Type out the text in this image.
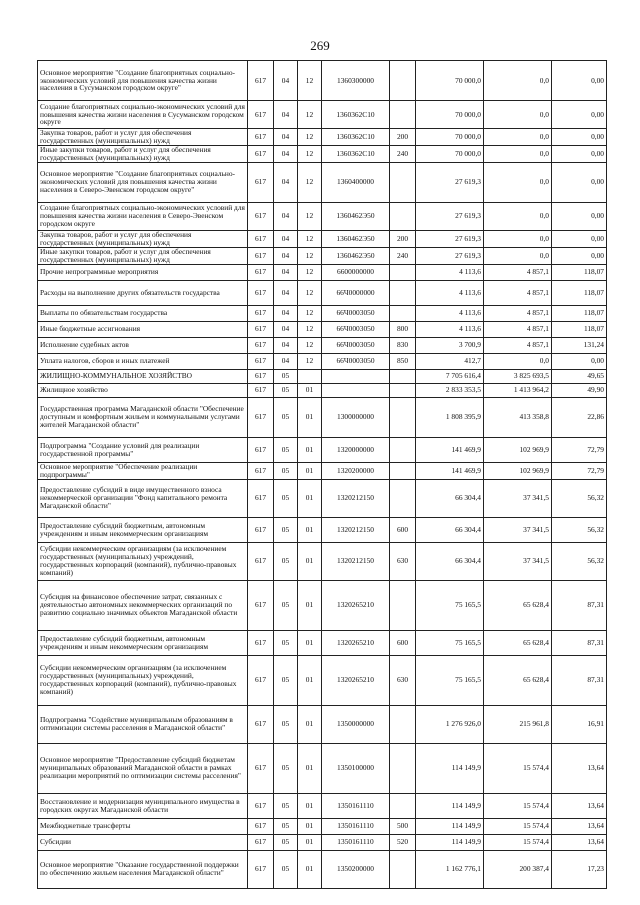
269
Основное мероприятие "Создание благоприятных социально-экономических условий для повышения качества жизни населения в Сусуманском городском округе"	617	04	12	1360300000		70 000,0	0,0	0,00
Создание благоприятных социально-экономических условий для повышения качества жизни населения в Сусуманском городском округе	617	04	12	1360362С10		70 000,0	0,0	0,00
Закупка товаров, работ и услуг для обеспечения государственных (муниципальных) нужд	617	04	12	1360362С10	200	70 000,0	0,0	0,00
Иные закупки товаров, работ и услуг для обеспечения государственных (муниципальных) нужд	617	04	12	1360362С10	240	70 000,0	0,0	0,00
Основное мероприятие "Создание благоприятных социально-экономических условий для повышения качества жизни населения в Северо-Эвенском городском округе"	617	04	12	1360400000		27 619,3	0,0	0,00
Создание благоприятных социально-экономических условий для повышения качества жизни населения в Северо-Эвенском городском округе	617	04	12	1360462Э50		27 619,3	0,0	0,00
Закупка товаров, работ и услуг для обеспечения государственных (муниципальных) нужд	617	04	12	1360462Э50	200	27 619,3	0,0	0,00
Иные закупки товаров, работ и услуг для обеспечения государственных (муниципальных) нужд	617	04	12	1360462Э50	240	27 619,3	0,0	0,00
Прочие непрограммные мероприятия	617	04	12	6600000000		4 113,6	4 857,1	118,07
Расходы на выполнение других обязательств государства	617	04	12	66Ч0000000		4 113,6	4 857,1	118,07
Выплаты по обязательствам государства	617	04	12	66Ч0003050		4 113,6	4 857,1	118,07
Иные бюджетные ассигнования	617	04	12	66Ч0003050	800	4 113,6	4 857,1	118,07
Исполнение судебных актов	617	04	12	66Ч0003050	830	3 700,9	4 857,1	131,24
Уплата налогов, сборов и иных платежей	617	04	12	66Ч0003050	850	412,7	0,0	0,00
ЖИЛИЩНО-КОММУНАЛЬНОЕ ХОЗЯЙСТВО	617	05				7 705 616,4	3 825 693,5	49,65
Жилищное хозяйство	617	05	01			2 833 353,5	1 413 964,2	49,90
Государственная программа Магаданской области "Обеспечение доступным и комфортным жильем и коммунальными услугами жителей Магаданской области"	617	05	01	1300000000		1 808 395,9	413 358,8	22,86
Подпрограмма "Создание условий для реализации государственной программы"	617	05	01	1320000000		141 469,9	102 969,9	72,79
Основное мероприятие "Обеспечение реализации подпрограммы"	617	05	01	1320200000		141 469,9	102 969,9	72,79
Предоставление субсидий в виде имущественного взноса некоммерческой организации "Фонд капитального ремонта Магаданской области"	617	05	01	1320212150		66 304,4	37 341,5	56,32
Предоставление субсидий бюджетным, автономным учреждениям и иным некоммерческим организациям	617	05	01	1320212150	600	66 304,4	37 341,5	56,32
Субсидии некоммерческим организациям (за исключением государственных (муниципальных) учреждений, государственных корпораций (компаний), публично-правовых компаний)	617	05	01	1320212150	630	66 304,4	37 341,5	56,32
Субсидия на финансовое обеспечение затрат, связанных с деятельностью автономных некоммерческих организаций по развитию социально значимых объектов Магаданской области	617	05	01	1320265210		75 165,5	65 628,4	87,31
Предоставление субсидий бюджетным, автономным учреждениям и иным некоммерческим организациям	617	05	01	1320265210	600	75 165,5	65 628,4	87,31
Субсидии некоммерческим организациям (за исключением государственных (муниципальных) учреждений, государственных корпораций (компаний), публично-правовых компаний)	617	05	01	1320265210	630	75 165,5	65 628,4	87,31
Подпрограмма "Содействие муниципальным образованиям в оптимизации системы расселения в Магаданской области"	617	05	01	1350000000		1 276 926,0	215 961,8	16,91
Основное мероприятие "Предоставление субсидий бюджетам муниципальных образований Магаданской области в рамках реализации мероприятий по оптимизации системы расселения"	617	05	01	1350100000		114 149,9	15 574,4	13,64
Восстановление и модернизация муниципального имущества в городских округах Магаданской области	617	05	01	1350161110		114 149,9	15 574,4	13,64
Межбюджетные трансферты	617	05	01	1350161110	500	114 149,9	15 574,4	13,64
Субсидии	617	05	01	1350161110	520	114 149,9	15 574,4	13,64
Основное мероприятие "Оказание государственной поддержки по обеспечению жильем населения Магаданской области"	617	05	01	1350200000		1 162 776,1	200 387,4	17,23
